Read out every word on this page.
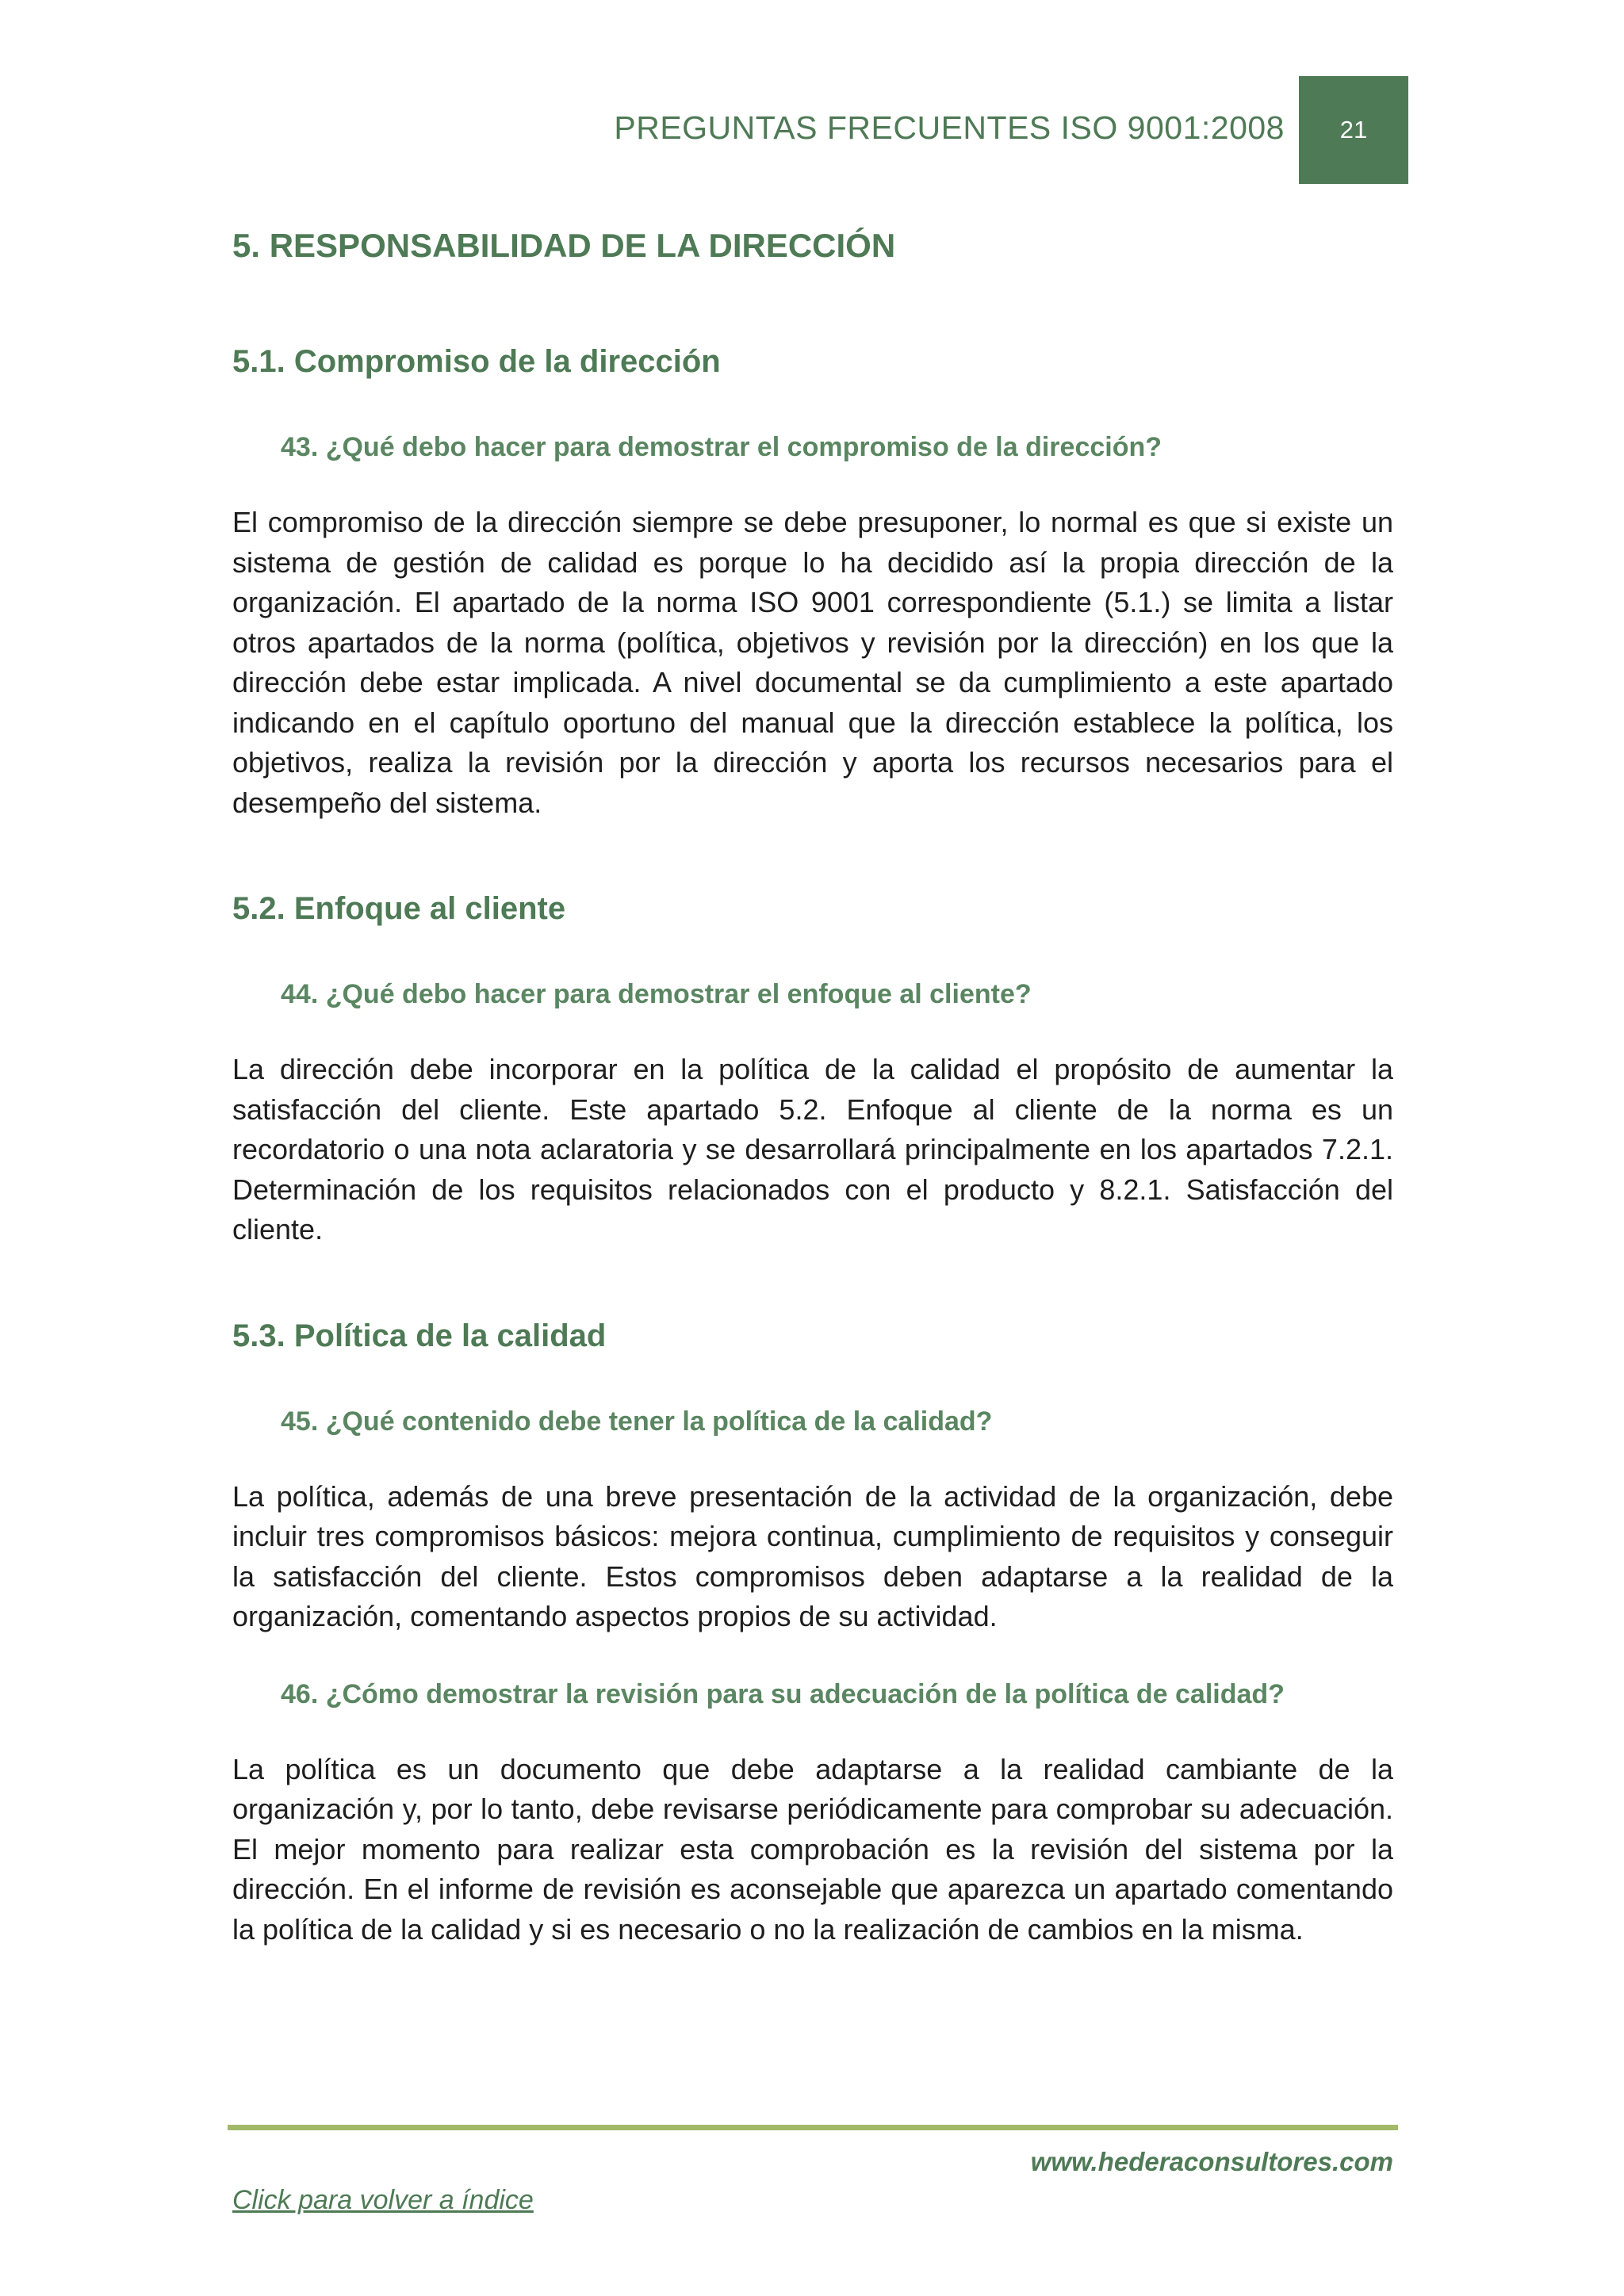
PREGUNTAS FRECUENTES ISO 9001:2008 21
5. RESPONSABILIDAD DE LA DIRECCIÓN
5.1. Compromiso de la dirección
43. ¿Qué debo hacer para demostrar el compromiso de la dirección?

El compromiso de la dirección siempre se debe presuponer, lo normal es que si existe un sistema de gestión de calidad es porque lo ha decidido así la propia dirección de la organización. El apartado de la norma ISO 9001 correspondiente (5.1.) se limita a listar otros apartados de la norma (política, objetivos y revisión por la dirección) en los que la dirección debe estar implicada. A nivel documental se da cumplimiento a este apartado indicando en el capítulo oportuno del manual que la dirección establece la política, los objetivos, realiza la revisión por la dirección y aporta los recursos necesarios para el desempeño del sistema.

5.2. Enfoque al cliente
44. ¿Qué debo hacer para demostrar el enfoque al cliente?

La dirección debe incorporar en la política de la calidad el propósito de aumentar la satisfacción del cliente. Este apartado 5.2. Enfoque al cliente de la norma es un recordatorio o una nota aclaratoria y se desarrollará principalmente en los apartados 7.2.1. Determinación de los requisitos relacionados con el producto y 8.2.1. Satisfacción del cliente.

5.3. Política de la calidad
45. ¿Qué contenido debe tener la política de la calidad?

La política, además de una breve presentación de la actividad de la organización, debe incluir tres compromisos básicos: mejora continua, cumplimiento de requisitos y conseguir la satisfacción del cliente. Estos compromisos deben adaptarse a la realidad de la organización, comentando aspectos propios de su actividad.

46. ¿Cómo demostrar la revisión para su adecuación de la política de calidad?

La política es un documento que debe adaptarse a la realidad cambiante de la organización y, por lo tanto, debe revisarse periódicamente para comprobar su adecuación. El mejor momento para realizar esta comprobación es la revisión del sistema por la dirección. En el informe de revisión es aconsejable que aparezca un apartado comentando la política de la calidad y si es necesario o no la realización de cambios en la misma.

www.hederaconsultores.com
Click para volver a índice
